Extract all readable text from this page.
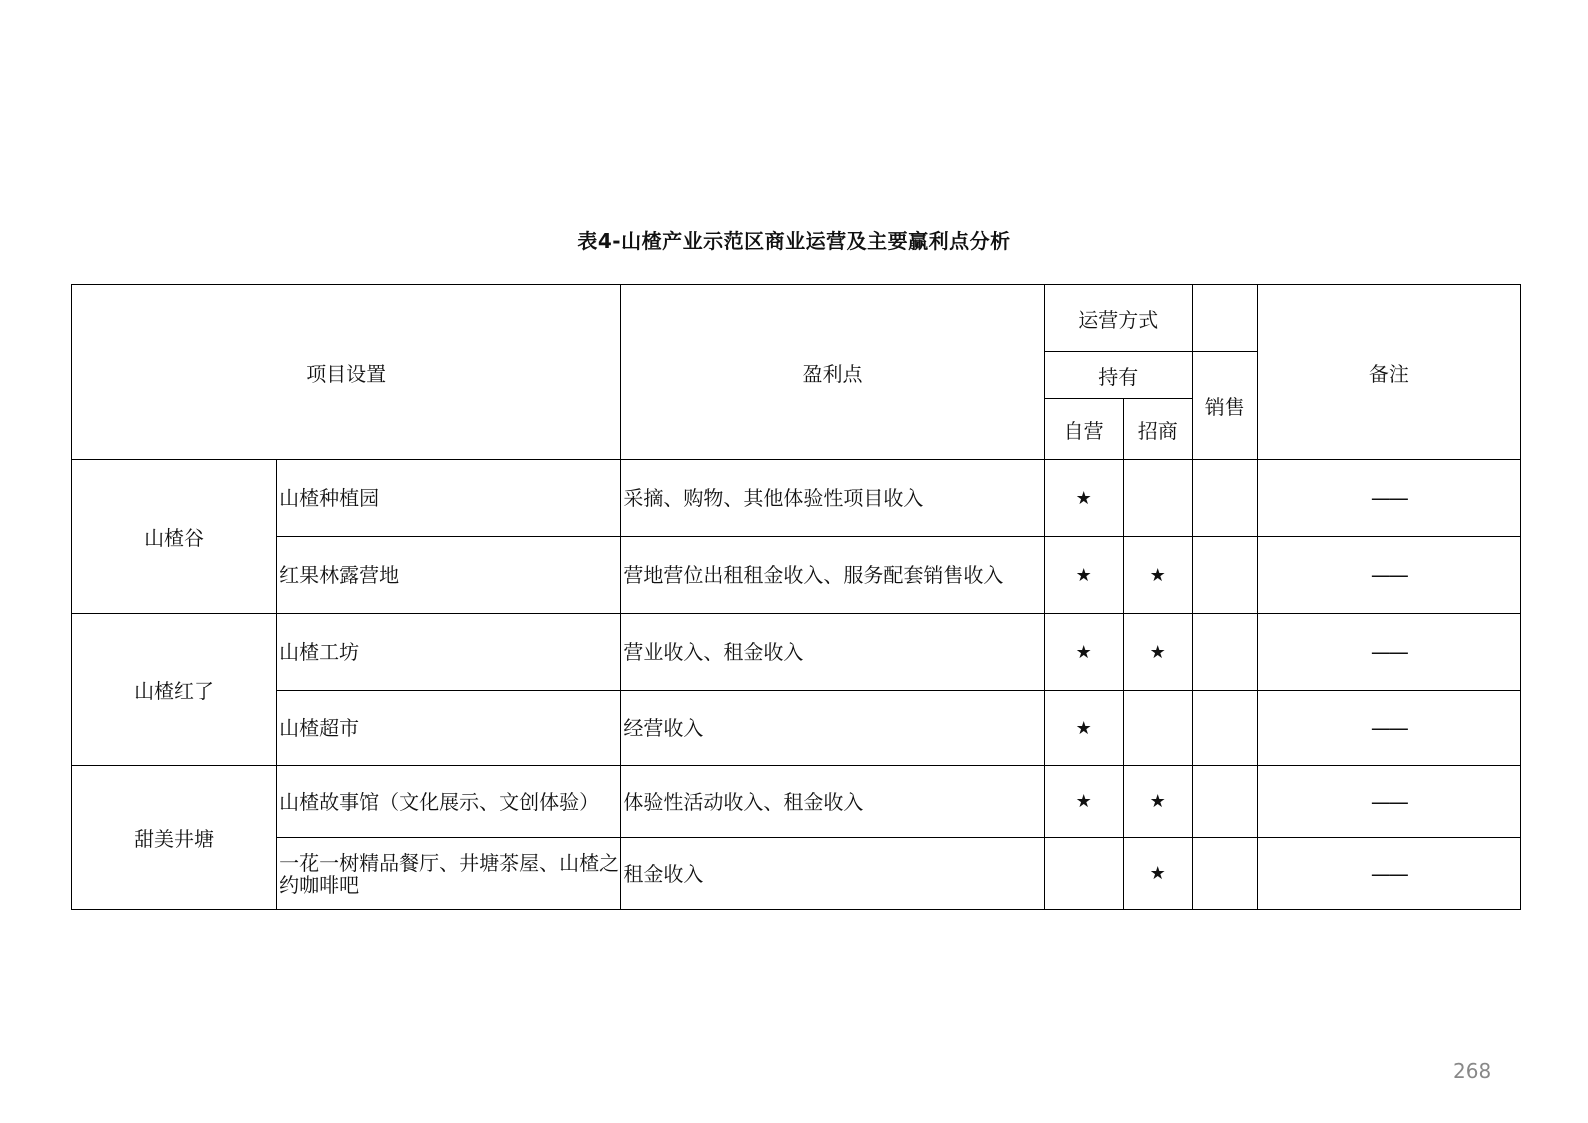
表4-山楂产业示范区商业运营及主要赢利点分析
项目设置		盈利点	运营方式			备注
			持有		销售	
			自营	招商		
山楂谷	山楂种植园	采摘、购物、其他体验性项目收入	★			——
	红果林露营地	营地营位出租租金收入、服务配套销售收入	★	★		——
山楂红了	山楂工坊	营业收入、租金收入	★	★		——
	山楂超市	经营收入	★			——
甜美井塘	山楂故事馆（文化展示、文创体验）	体验性活动收入、租金收入	★	★		——
	一花一树精品餐厅、井塘茶屋、山楂之约咖啡吧	租金收入		★		——
268
